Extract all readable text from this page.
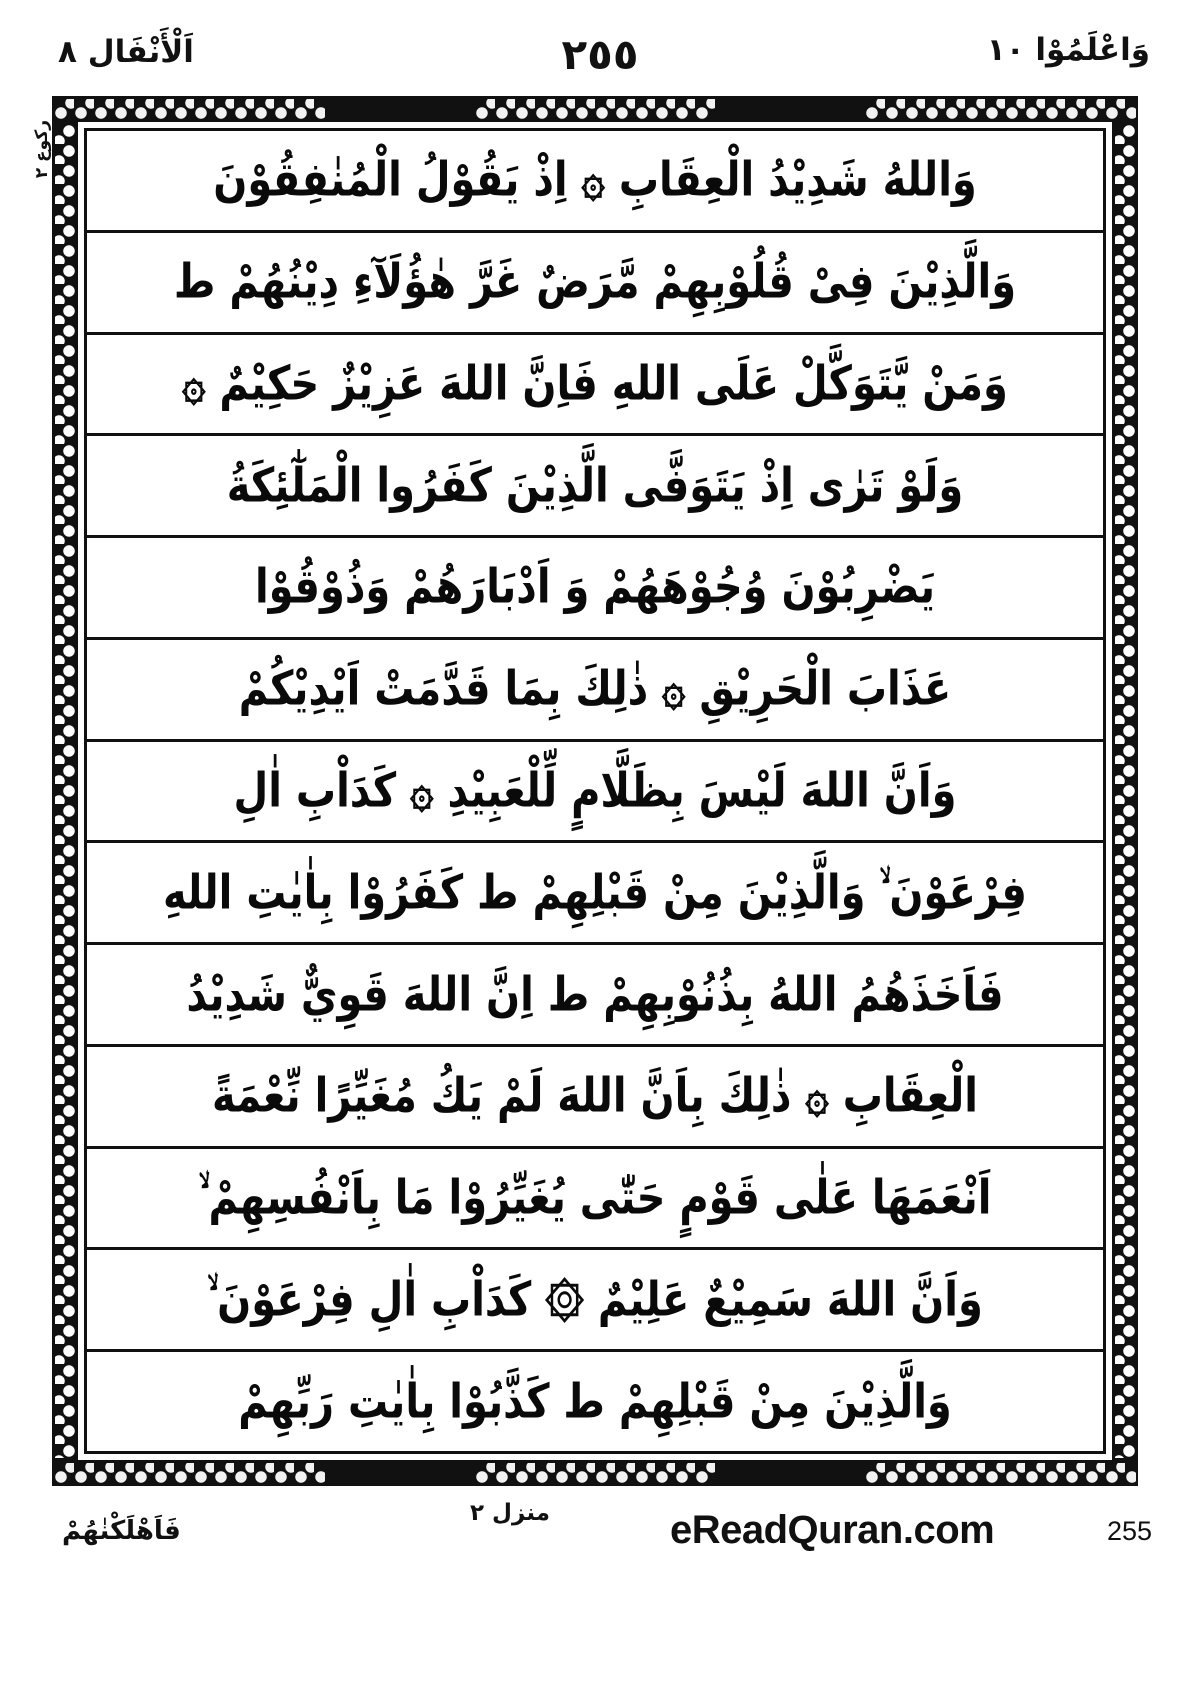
اَلْأَنْفَال ٨	٢٥٥	وَاعْلَمُوْا ١٠
رکوع ٢
وَاللهُ شَدِيْدُ الْعِقَابِ ۞ اِذْ يَقُوْلُ الْمُنٰفِقُوْنَ
وَالَّذِيْنَ فِىْ قُلُوْبِهِمْ مَّرَضٌ غَرَّ هٰؤُلَآءِ دِيْنُهُمْ ط
وَمَنْ يَّتَوَكَّلْ عَلَى اللهِ فَاِنَّ اللهَ عَزِيْزٌ حَكِيْمٌ ۞
وَلَوْ تَرٰى اِذْ يَتَوَفَّى الَّذِيْنَ كَفَرُوا الْمَلٰٓئِكَةُ
يَضْرِبُوْنَ وُجُوْهَهُمْ وَ اَدْبَارَهُمْ وَذُوْقُوْا
عَذَابَ الْحَرِيْقِ ۞ ذٰلِكَ بِمَا قَدَّمَتْ اَيْدِيْكُمْ
وَاَنَّ اللهَ لَيْسَ بِظَلَّامٍ لِّلْعَبِيْدِ ۞ كَدَاْبِ اٰلِ
فِرْعَوْنَ ۙ وَالَّذِيْنَ مِنْ قَبْلِهِمْ ط كَفَرُوْا بِاٰيٰتِ اللهِ
فَاَخَذَهُمُ اللهُ بِذُنُوْبِهِمْ ط اِنَّ اللهَ قَوِيٌّ شَدِيْدُ
الْعِقَابِ ۞ ذٰلِكَ بِاَنَّ اللهَ لَمْ يَكُ مُغَيِّرًا نِّعْمَةً
اَنْعَمَهَا عَلٰى قَوْمٍ حَتّٰى يُغَيِّرُوْا مَا بِاَنْفُسِهِمْ ۙ
وَاَنَّ اللهَ سَمِيْعٌ عَلِيْمٌ ۞ كَدَاْبِ اٰلِ فِرْعَوْنَ ۙ
وَالَّذِيْنَ مِنْ قَبْلِهِمْ ط كَذَّبُوْا بِاٰيٰتِ رَبِّهِمْ
فَاَهْلَكْنٰهُمْ
منزل ٢	eReadQuran.com	255
